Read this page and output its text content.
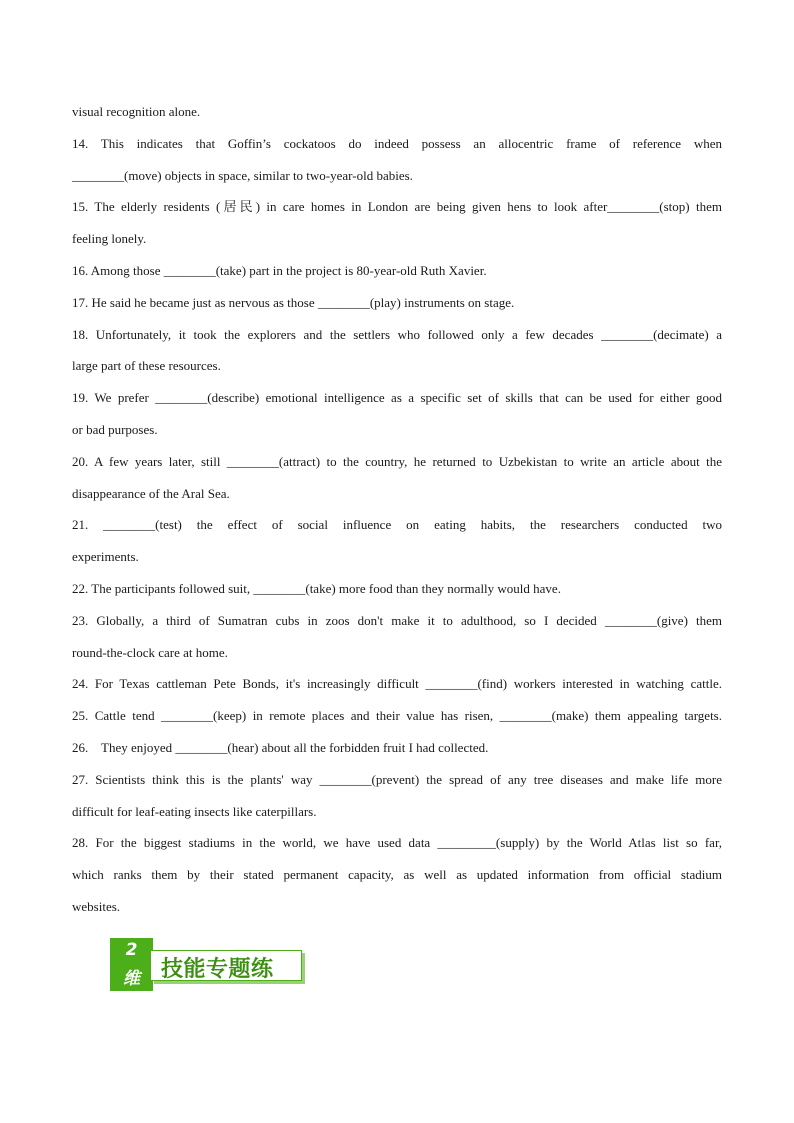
visual recognition alone.
14. This indicates that Goffin’s cockatoos do indeed possess an allocentric frame of reference when
________(move) objects in space, similar to two-year-old babies.
15. The elderly residents (居民) in care homes in London are being given hens to look after________(stop) them
feeling lonely.
16. Among those ________(take) part in the project is 80-year-old Ruth Xavier.
17. He said he became just as nervous as those ________(play) instruments on stage.
18. Unfortunately, it took the explorers and the settlers who followed only a few decades ________(decimate) a
large part of these resources.
19. We prefer ________(describe) emotional intelligence as a specific set of skills that can be used for either good
or bad purposes.
20. A few years later, still ________(attract) to the country, he returned to Uzbekistan to write an article about the
disappearance of the Aral Sea.
21. ________(test) the effect of social influence on eating habits, the researchers conducted two
experiments.
22. The participants followed suit, ________(take) more food than they normally would have.
23. Globally, a third of Sumatran cubs in zoos don't make it to adulthood, so I decided ________(give) them
round-the-clock care at home.
24. For Texas cattleman Pete Bonds, it's increasingly difficult ________(find) workers interested in watching cattle.
25. Cattle tend ________(keep) in remote places and their value has risen, ________(make) them appealing targets.
26.    They enjoyed ________(hear) about all the forbidden fruit I had collected.
27. Scientists think this is the plants' way ________(prevent) the spread of any tree diseases and make life more
difficult for leaf-eating insects like caterpillars.
28. For the biggest stadiums in the world, we have used data _________(supply) by the World Atlas list so far,
which ranks them by their stated permanent capacity, as well as updated information from official stadium
websites.
2
维 技能专题练
